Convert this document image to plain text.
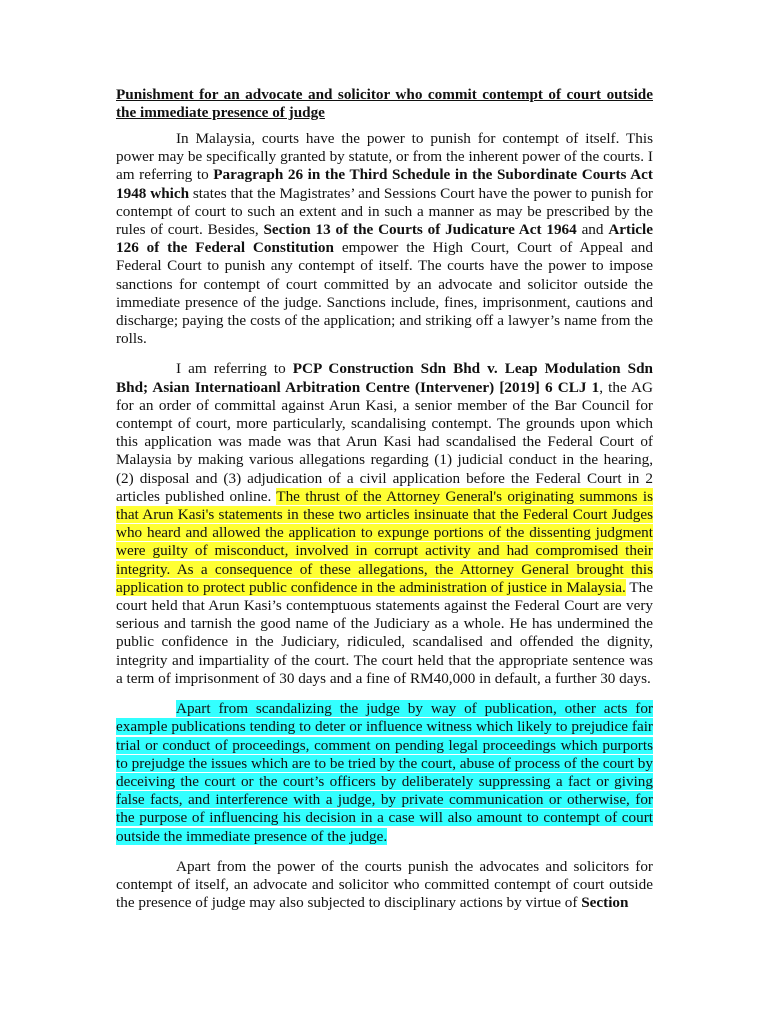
Punishment for an advocate and solicitor who commit contempt of court outside the immediate presence of judge

In Malaysia, courts have the power to punish for contempt of itself. This power may be specifically granted by statute, or from the inherent power of the courts. I am referring to Paragraph 26 in the Third Schedule in the Subordinate Courts Act 1948 which states that the Magistrates’ and Sessions Court have the power to punish for contempt of court to such an extent and in such a manner as may be prescribed by the rules of court. Besides, Section 13 of the Courts of Judicature Act 1964 and Article 126 of the Federal Constitution empower the High Court, Court of Appeal and Federal Court to punish any contempt of itself. The courts have the power to impose sanctions for contempt of court committed by an advocate and solicitor outside the immediate presence of the judge. Sanctions include, fines, imprisonment, cautions and discharge; paying the costs of the application; and striking off a lawyer’s name from the rolls.

I am referring to PCP Construction Sdn Bhd v. Leap Modulation Sdn Bhd; Asian Internatioanl Arbitration Centre (Intervener) [2019] 6 CLJ 1, the AG for an order of committal against Arun Kasi, a senior member of the Bar Council for contempt of court, more particularly, scandalising contempt. The grounds upon which this application was made was that Arun Kasi had scandalised the Federal Court of Malaysia by making various allegations regarding (1) judicial conduct in the hearing, (2) disposal and (3) adjudication of a civil application before the Federal Court in 2 articles published online. The thrust of the Attorney General's originating summons is that Arun Kasi's statements in these two articles insinuate that the Federal Court Judges who heard and allowed the application to expunge portions of the dissenting judgment were guilty of misconduct, involved in corrupt activity and had compromised their integrity. As a consequence of these allegations, the Attorney General brought this application to protect public confidence in the administration of justice in Malaysia. The court held that Arun Kasi’s contemptuous statements against the Federal Court are very serious and tarnish the good name of the Judiciary as a whole. He has undermined the public confidence in the Judiciary, ridiculed, scandalised and offended the dignity, integrity and impartiality of the court. The court held that the appropriate sentence was a term of imprisonment of 30 days and a fine of RM40,000 in default, a further 30 days.

Apart from scandalizing the judge by way of publication, other acts for example publications tending to deter or influence witness which likely to prejudice fair trial or conduct of proceedings, comment on pending legal proceedings which purports to prejudge the issues which are to be tried by the court, abuse of process of the court by deceiving the court or the court’s officers by deliberately suppressing a fact or giving false facts, and interference with a judge, by private communication or otherwise, for the purpose of influencing his decision in a case will also amount to contempt of court outside the immediate presence of the judge.

Apart from the power of the courts punish the advocates and solicitors for contempt of itself, an advocate and solicitor who committed contempt of court outside the presence of judge may also subjected to disciplinary actions by virtue of Section
